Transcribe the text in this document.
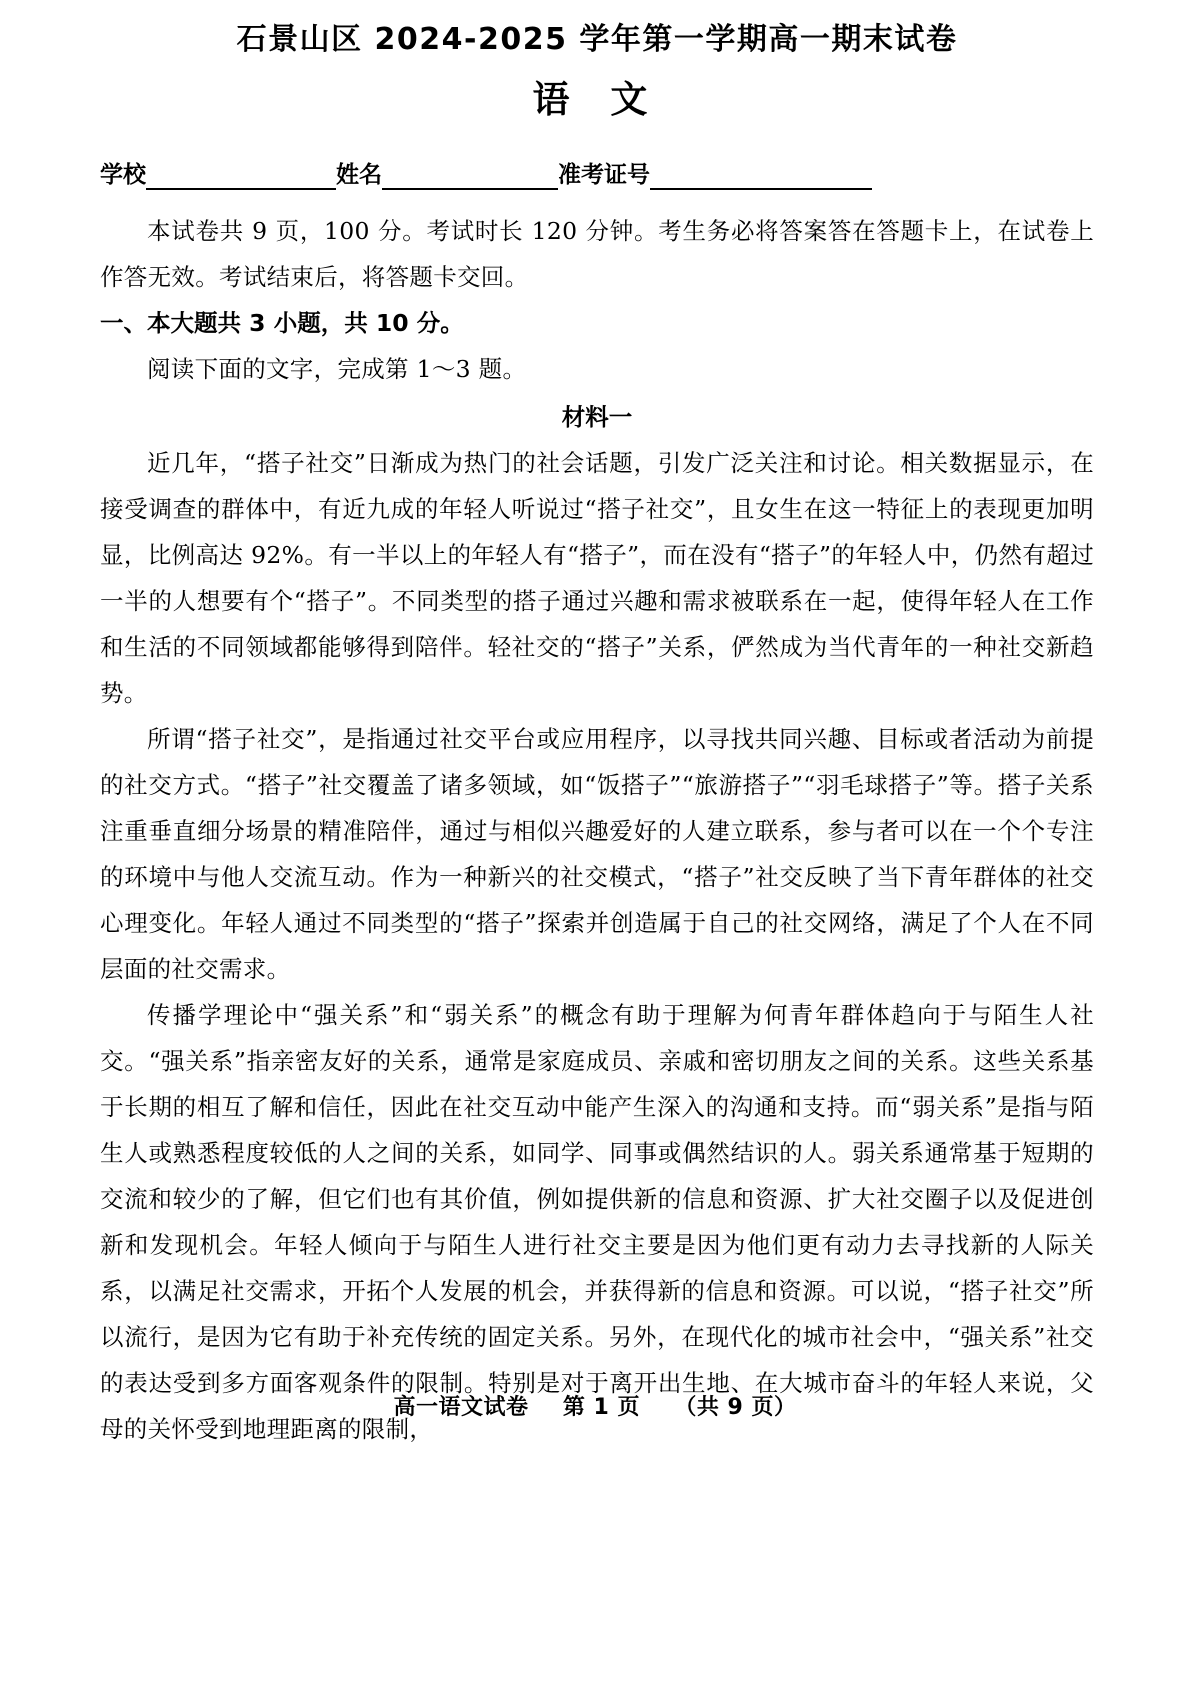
石景山区 2024-2025 学年第一学期高一期末试卷
语 文
学校	姓名	准考证号

本试卷共 9 页，100 分。考试时长 120 分钟。考生务必将答案答在答题卡上，在试卷上作答无效。考试结束后，将答题卡交回。

一、本大题共 3 小题，共 10 分。

阅读下面的文字，完成第 1～3 题。

材料一

近几年，“搭子社交”日渐成为热门的社会话题，引发广泛关注和讨论。相关数据显示，在接受调查的群体中，有近九成的年轻人听说过“搭子社交”，且女生在这一特征上的表现更加明显，比例高达 92%。有一半以上的年轻人有“搭子”，而在没有“搭子”的年轻人中，仍然有超过一半的人想要有个“搭子”。不同类型的搭子通过兴趣和需求被联系在一起，使得年轻人在工作和生活的不同领域都能够得到陪伴。轻社交的“搭子”关系，俨然成为当代青年的一种社交新趋势。

所谓“搭子社交”，是指通过社交平台或应用程序，以寻找共同兴趣、目标或者活动为前提的社交方式。“搭子”社交覆盖了诸多领域，如“饭搭子”“旅游搭子”“羽毛球搭子”等。搭子关系注重垂直细分场景的精准陪伴，通过与相似兴趣爱好的人建立联系，参与者可以在一个个专注的环境中与他人交流互动。作为一种新兴的社交模式，“搭子”社交反映了当下青年群体的社交心理变化。年轻人通过不同类型的“搭子”探索并创造属于自己的社交网络，满足了个人在不同层面的社交需求。

传播学理论中“强关系”和“弱关系”的概念有助于理解为何青年群体趋向于与陌生人社交。“强关系”指亲密友好的关系，通常是家庭成员、亲戚和密切朋友之间的关系。这些关系基于长期的相互了解和信任，因此在社交互动中能产生深入的沟通和支持。而“弱关系”是指与陌生人或熟悉程度较低的人之间的关系，如同学、同事或偶然结识的人。弱关系通常基于短期的交流和较少的了解，但它们也有其价值，例如提供新的信息和资源、扩大社交圈子以及促进创新和发现机会。年轻人倾向于与陌生人进行社交主要是因为他们更有动力去寻找新的人际关系，以满足社交需求，开拓个人发展的机会，并获得新的信息和资源。可以说，“搭子社交”所以流行，是因为它有助于补充传统的固定关系。另外，在现代化的城市社会中，“强关系”社交的表达受到多方面客观条件的限制。特别是对于离开出生地、在大城市奋斗的年轻人来说，父母的关怀受到地理距离的限制，

高一语文试卷 第 1 页 （共 9 页）
